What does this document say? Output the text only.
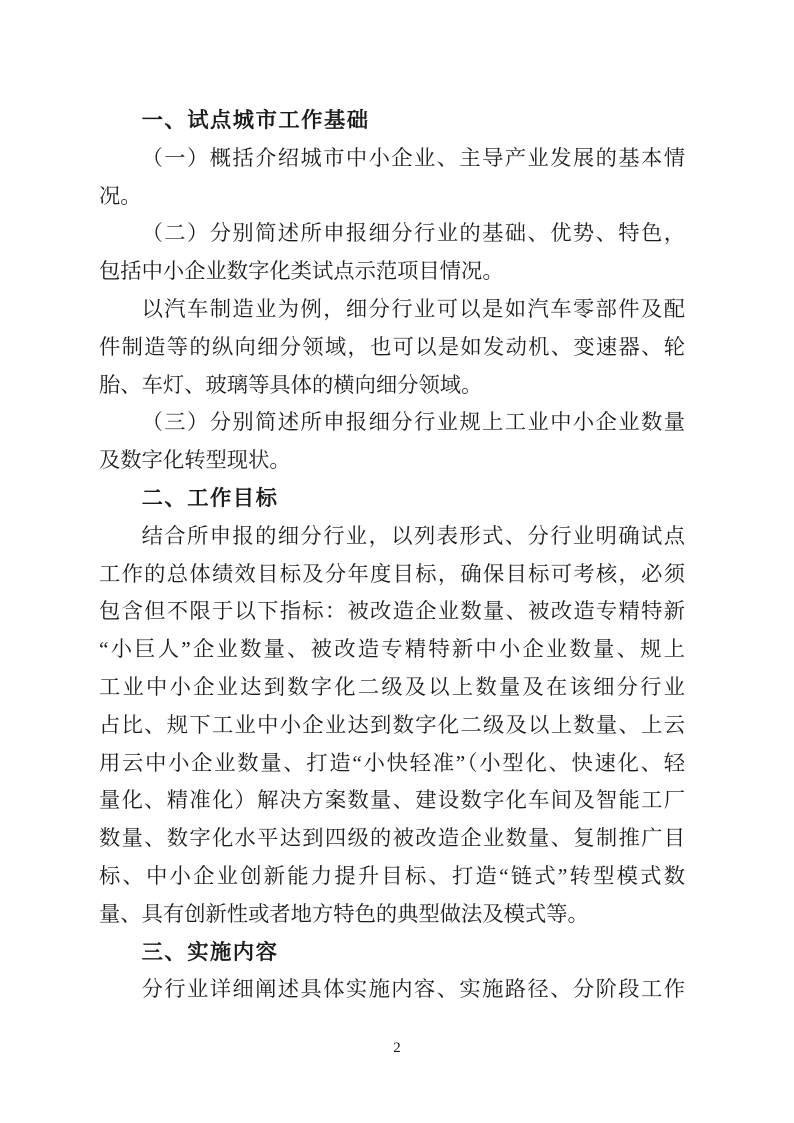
一、试点城市工作基础
（一）概括介绍城市中小企业、主导产业发展的基本情
况。
（二）分别简述所申报细分行业的基础、优势、特色，
包括中小企业数字化类试点示范项目情况。
以汽车制造业为例，细分行业可以是如汽车零部件及配
件制造等的纵向细分领域，也可以是如发动机、变速器、轮
胎、车灯、玻璃等具体的横向细分领域。
（三）分别简述所申报细分行业规上工业中小企业数量
及数字化转型现状。
二、工作目标
结合所申报的细分行业，以列表形式、分行业明确试点
工作的总体绩效目标及分年度目标，确保目标可考核，必须
包含但不限于以下指标：被改造企业数量、被改造专精特新
“小巨人”企业数量、被改造专精特新中小企业数量、规上
工业中小企业达到数字化二级及以上数量及在该细分行业
占比、规下工业中小企业达到数字化二级及以上数量、上云
用云中小企业数量、打造“小快轻准”（小型化、快速化、轻
量化、精准化）解决方案数量、建设数字化车间及智能工厂
数量、数字化水平达到四级的被改造企业数量、复制推广目
标、中小企业创新能力提升目标、打造“链式”转型模式数
量、具有创新性或者地方特色的典型做法及模式等。
三、实施内容
分行业详细阐述具体实施内容、实施路径、分阶段工作
2
